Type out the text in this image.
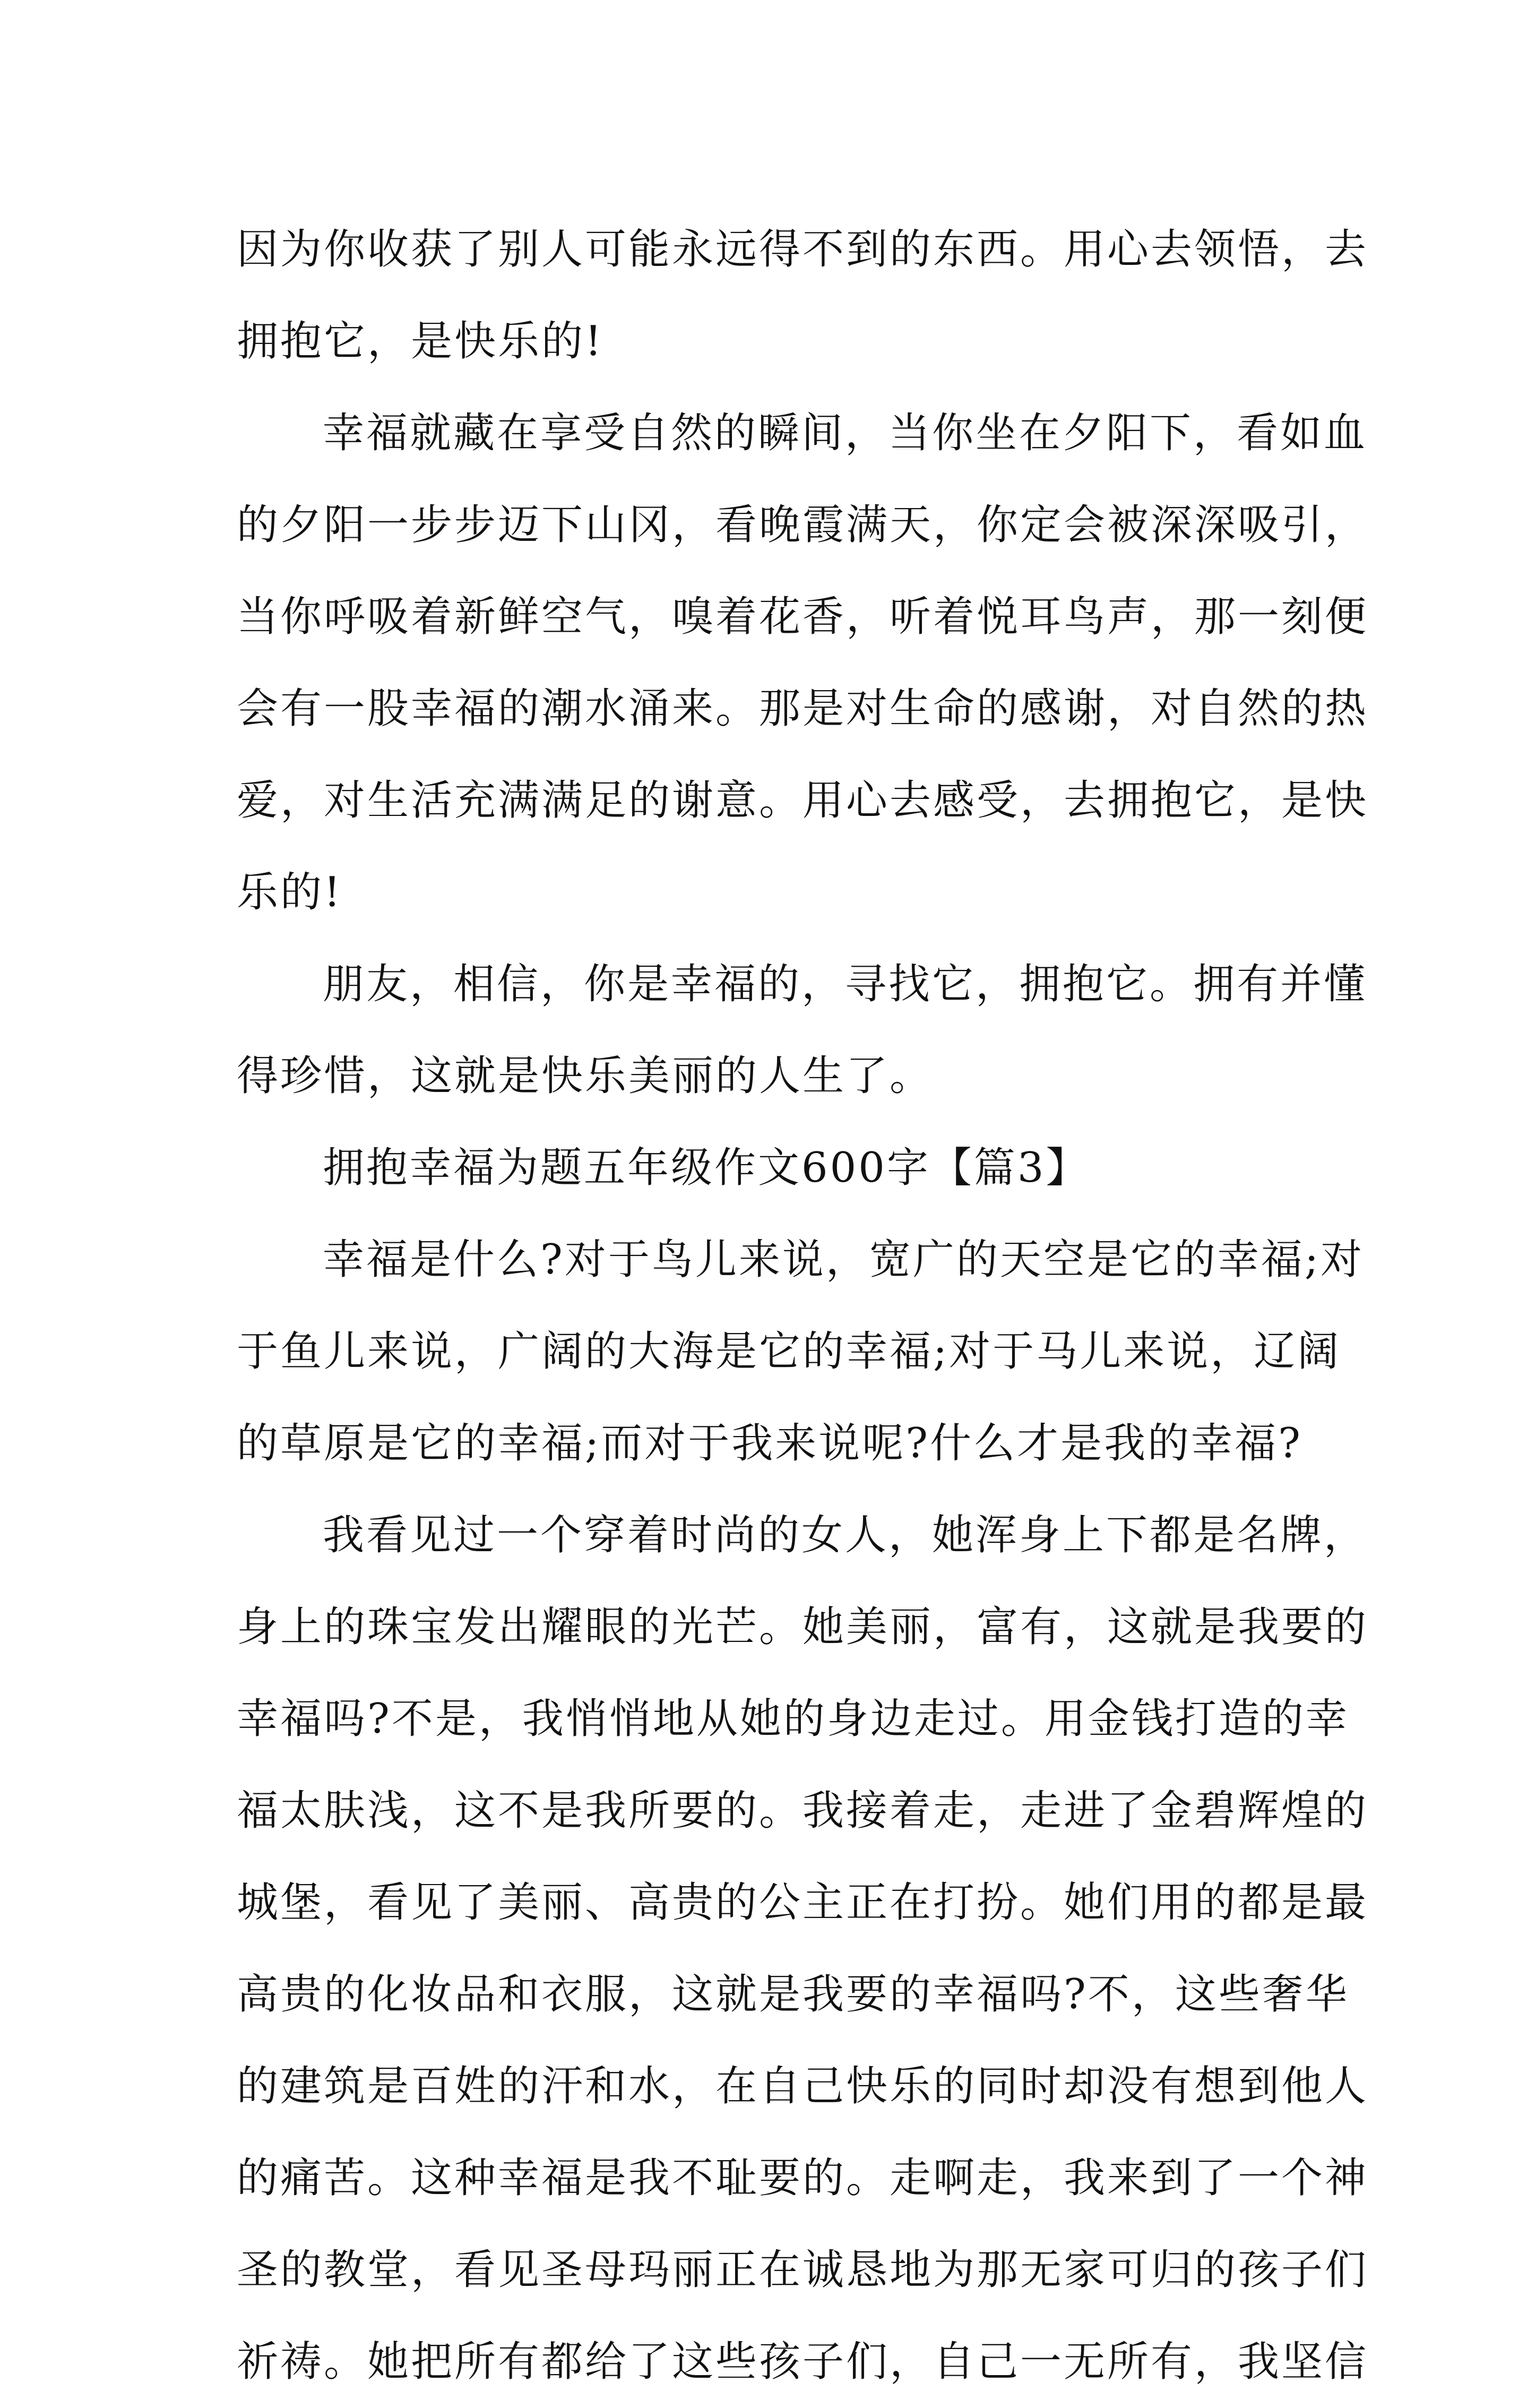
因为你收获了别人可能永远得不到的东西。用心去领悟，去
拥抱它，是快乐的!
幸福就藏在享受自然的瞬间，当你坐在夕阳下，看如血
的夕阳一步步迈下山冈，看晚霞满天，你定会被深深吸引，
当你呼吸着新鲜空气，嗅着花香，听着悦耳鸟声，那一刻便
会有一股幸福的潮水涌来。那是对生命的感谢，对自然的热
爱，对生活充满满足的谢意。用心去感受，去拥抱它，是快
乐的!
朋友，相信，你是幸福的，寻找它，拥抱它。拥有并懂
得珍惜，这就是快乐美丽的人生了。
拥抱幸福为题五年级作文600字【篇3】
幸福是什么?对于鸟儿来说，宽广的天空是它的幸福;对
于鱼儿来说，广阔的大海是它的幸福;对于马儿来说，辽阔
的草原是它的幸福;而对于我来说呢?什么才是我的幸福?
我看见过一个穿着时尚的女人，她浑身上下都是名牌，
身上的珠宝发出耀眼的光芒。她美丽，富有，这就是我要的
幸福吗?不是，我悄悄地从她的身边走过。用金钱打造的幸
福太肤浅，这不是我所要的。我接着走，走进了金碧辉煌的
城堡，看见了美丽、高贵的公主正在打扮。她们用的都是最
高贵的化妆品和衣服，这就是我要的幸福吗?不，这些奢华
的建筑是百姓的汗和水，在自己快乐的同时却没有想到他人
的痛苦。这种幸福是我不耻要的。走啊走，我来到了一个神
圣的教堂，看见圣母玛丽正在诚恳地为那无家可归的孩子们
祈祷。她把所有都给了这些孩子们，自己一无所有，我坚信
